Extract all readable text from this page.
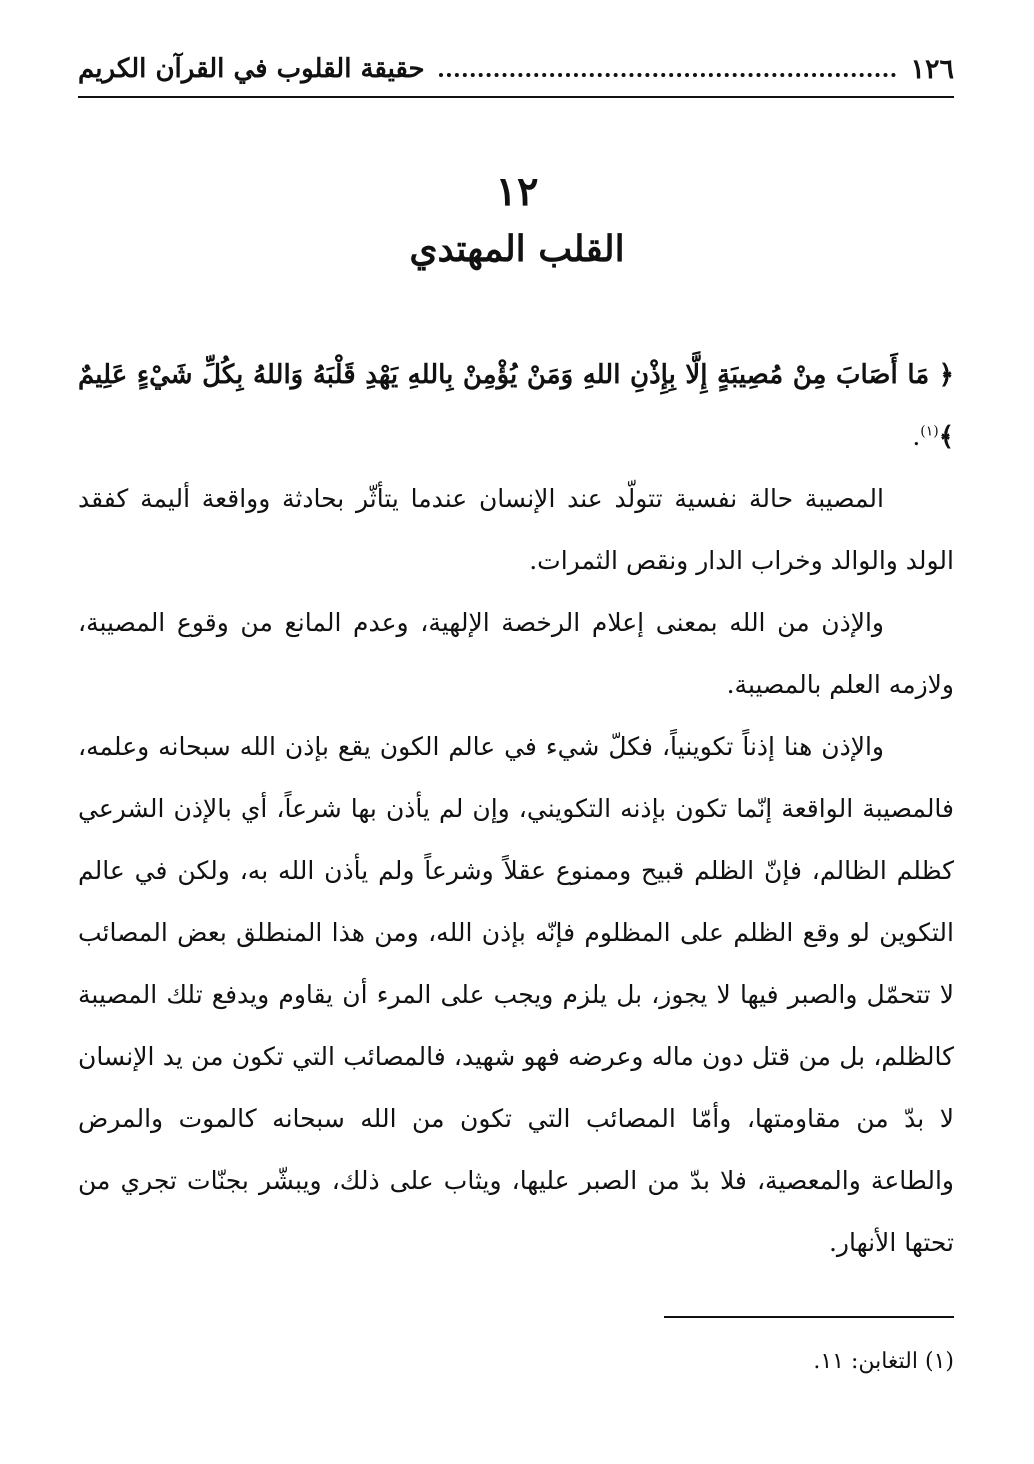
١٢٦
حقيقة القلوب في القرآن الكريم
١٢
القلب المهتدي

﴿ مَا أَصَابَ مِنْ مُصِيبَةٍ إِلَّا بِإِذْنِ اللهِ وَمَنْ يُؤْمِنْ بِاللهِ يَهْدِ قَلْبَهُ وَاللهُ بِكُلِّ شَيْءٍ عَلِيمٌ ﴾$^{(١)}$.

المصيبة حالة نفسية تتولّد عند الإنسان عندما يتأثّر بحادثة وواقعة أليمة كفقد الولد والوالد وخراب الدار ونقص الثمرات.

والإذن من الله بمعنى إعلام الرخصة الإلهية، وعدم المانع من وقوع المصيبة، ولازمه العلم بالمصيبة.

والإذن هنا إذناً تكوينياً، فكلّ شيء في عالم الكون يقع بإذن الله سبحانه وعلمه، فالمصيبة الواقعة إنّما تكون بإذنه التكويني، وإن لم يأذن بها شرعاً، أي بالإذن الشرعي كظلم الظالم، فإنّ الظلم قبيح وممنوع عقلاً وشرعاً ولم يأذن الله به، ولكن في عالم التكوين لو وقع الظلم على المظلوم فإنّه بإذن الله، ومن هذا المنطلق بعض المصائب لا تتحمّل والصبر فيها لا يجوز، بل يلزم ويجب على المرء أن يقاوم ويدفع تلك المصيبة كالظلم، بل من قتل دون ماله وعرضه فهو شهيد، فالمصائب التي تكون من يد الإنسان لا بدّ من مقاومتها، وأمّا المصائب التي تكون من الله سبحانه كالموت والمرض والطاعة والمعصية، فلا بدّ من الصبر عليها، ويثاب على ذلك، ويبشّر بجنّات تجري من تحتها الأنهار.

(١) التغابن: ١١.
